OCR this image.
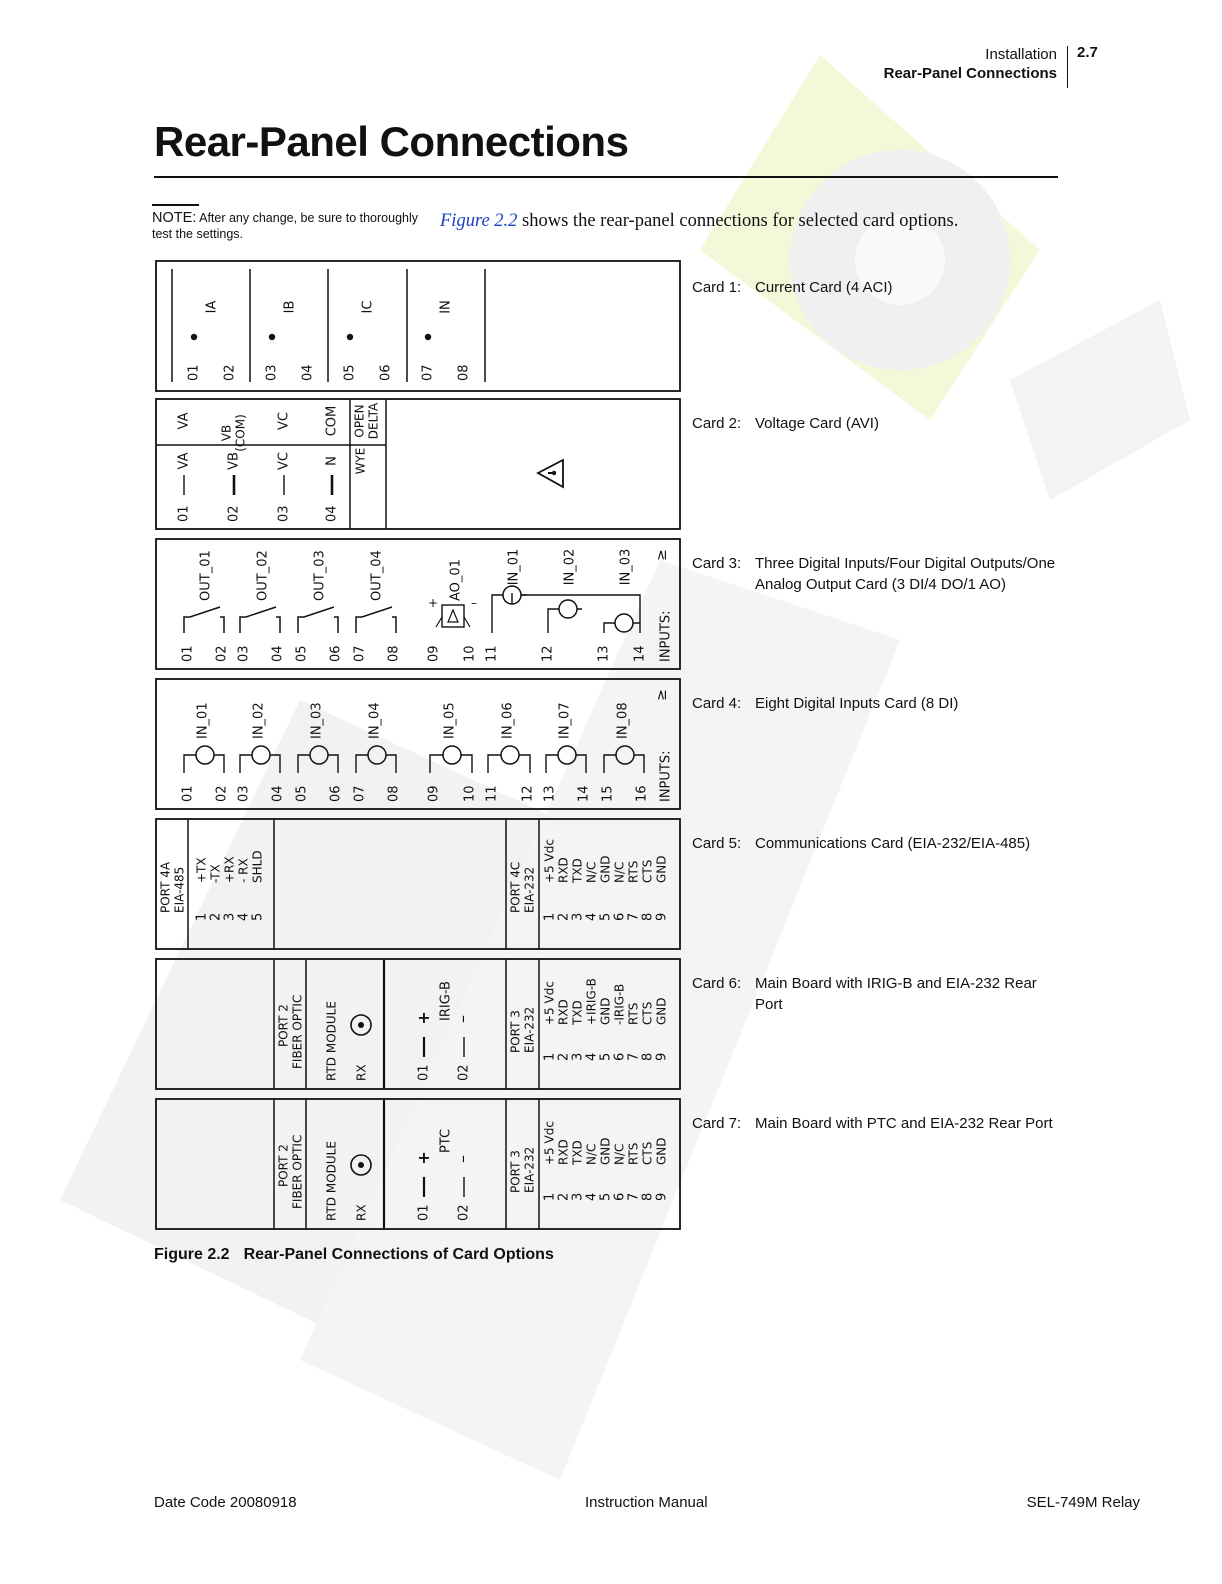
Installation
Rear-Panel Connections
2.7
Rear-Panel Connections
NOTE: After any change, be sure to thoroughly test the settings.
Figure 2.2 shows the rear-panel connections for selected card options.
01 02 03 04 05 06 07 08
IA	IB	IC	IN
VA
VB (COM) VC	COM
VA	VB	VC	N
01	02	03	04
OPEN DELTA
WYE
01 02 03 04 05 06 07 08 09 10 11	12	13 14
OUT_01	OUT_02	OUT_03	OUT_04	AO_01
+	–
IN_01	IN_02	IN_03
INPUTS:
≥
01 02 03 04 05 06 07 08 09 10 11 12 13 14 15 16
IN_01	IN_02	IN_03	IN_04	IN_05	IN_06	IN_07	IN_08
INPUTS:
≥
PORT 4A EIA-485
1 2 3 4 5
+TX -TX +RX - RX SHLD	PORT 4C EIA-232
1 2 3 4 5 6 7 8 9
+5 Vdc RXD TXD N/C GND N/C RTS CTS GND
PORT 2 FIBER OPTIC RTD MODULE RX	01 02
+ –
IRIG-B
PORT 3 EIA-232
1 2 3 4 5 6 7 8 9
+5 Vdc RXD TXD +IRIG-B GND -IRIG-B RTS CTS GND
PORT 2 FIBER OPTIC RTD MODULE RX	01 02
+ –
PTC
PORT 3 EIA-232
1 2 3 4 5 6 7 8 9
+5 Vdc RXD TXD N/C GND N/C RTS CTS GND
Card 1: Current Card (4 ACI)
Card 2: Voltage Card (AVI)
Card 3: Three Digital Inputs/Four Digital Outputs/One Analog Output Card (3 DI/4 DO/1 AO)
Card 4: Eight Digital Inputs Card (8 DI)
Card 5: Communications Card (EIA-232/EIA-485)
Card 6: Main Board with IRIG-B and EIA-232 Rear Port
Card 7: Main Board with PTC and EIA-232 Rear Port
Figure 2.2 Rear-Panel Connections of Card Options
Date Code 20080918	Instruction Manual	SEL-749M Relay
